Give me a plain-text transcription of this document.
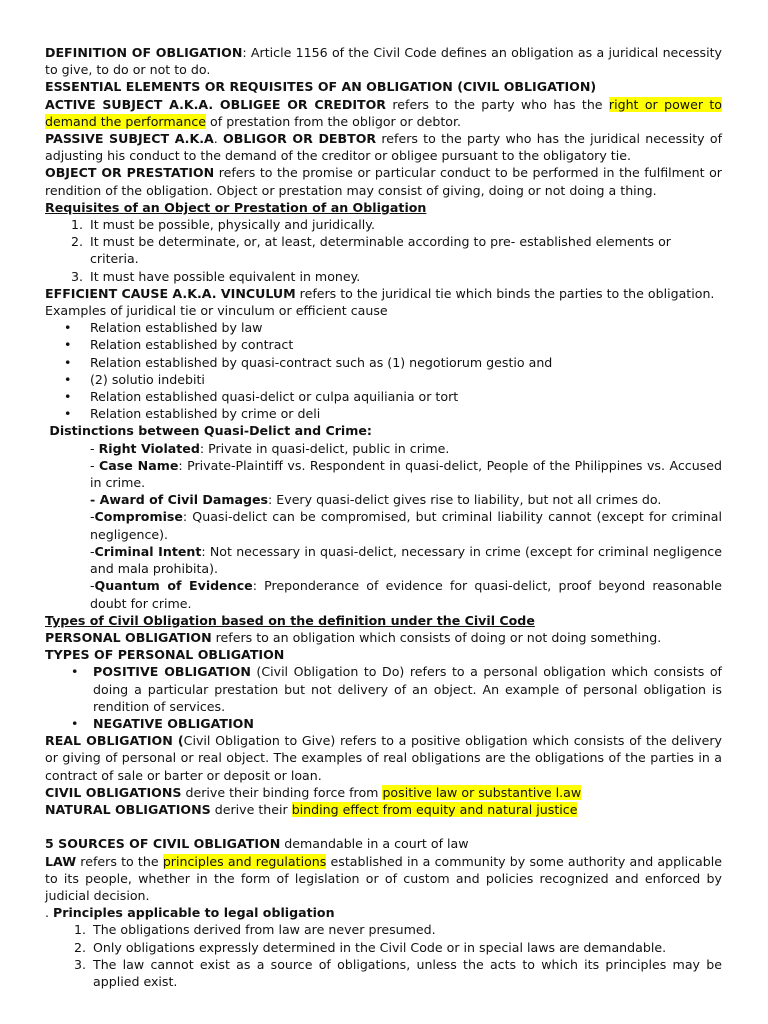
DEFINITION OF OBLIGATION: Article 1156 of the Civil Code defines an obligation as a juridical necessity to give, to do or not to do.

ESSENTIAL ELEMENTS OR REQUISITES OF AN OBLIGATION (CIVIL OBLIGATION)

ACTIVE SUBJECT A.K.A. OBLIGEE OR CREDITOR refers to the party who has the right or power to demand the performance of prestation from the obligor or debtor.

PASSIVE SUBJECT A.K.A. OBLIGOR OR DEBTOR refers to the party who has the juridical necessity of adjusting his conduct to the demand of the creditor or obligee pursuant to the obligatory tie.

OBJECT OR PRESTATION refers to the promise or particular conduct to be performed in the fulfilment or rendition of the obligation. Object or prestation may consist of giving, doing or not doing a thing.

Requisites of an Object or Prestation of an Obligation

1. It must be possible, physically and juridically.
2. It must be determinate, or, at least, determinable according to pre- established elements or criteria.
3. It must have possible equivalent in money.

EFFICIENT CAUSE A.K.A. VINCULUM refers to the juridical tie which binds the parties to the obligation.

Examples of juridical tie or vinculum or efficient cause

•	Relation established by law
•	Relation established by contract
•	Relation established by quasi-contract such as (1) negotiorum gestio and
•	(2) solutio indebiti
•	Relation established quasi-delict or culpa aquiliania or tort
•	Relation established by crime or deli

Distinctions between Quasi-Delict and Crime:

- Right Violated: Private in quasi-delict, public in crime.

- Case Name: Private-Plaintiff vs. Respondent in quasi-delict, People of the Philippines vs. Accused in crime.

- Award of Civil Damages: Every quasi-delict gives rise to liability, but not all crimes do.

-Compromise: Quasi-delict can be compromised, but criminal liability cannot (except for criminal negligence).

-Criminal Intent: Not necessary in quasi-delict, necessary in crime (except for criminal negligence and mala prohibita).

-Quantum of Evidence: Preponderance of evidence for quasi-delict, proof beyond reasonable doubt for crime.

Types of Civil Obligation based on the definition under the Civil Code

PERSONAL OBLIGATION refers to an obligation which consists of doing or not doing something.

TYPES OF PERSONAL OBLIGATION

•	POSITIVE OBLIGATION (Civil Obligation to Do) refers to a personal obligation which consists of doing a particular prestation but not delivery of an object. An example of personal obligation is rendition of services.
•	NEGATIVE OBLIGATION

REAL OBLIGATION (Civil Obligation to Give) refers to a positive obligation which consists of the delivery or giving of personal or real object. The examples of real obligations are the obligations of the parties in a contract of sale or barter or deposit or loan.

CIVIL OBLIGATIONS derive their binding force from positive law or substantive l.aw

NATURAL OBLIGATIONS derive their binding effect from equity and natural justice

5 SOURCES OF CIVIL OBLIGATION demandable in a court of law

LAW refers to the principles and regulations established in a community by some authority and applicable to its people, whether in the form of legislation or of custom and policies recognized and enforced by judicial decision.

. Principles applicable to legal obligation

1. The obligations derived from law are never presumed.
2. Only obligations expressly determined in the Civil Code or in special laws are demandable.
3. The law cannot exist as a source of obligations, unless the acts to which its principles may be applied exist.
